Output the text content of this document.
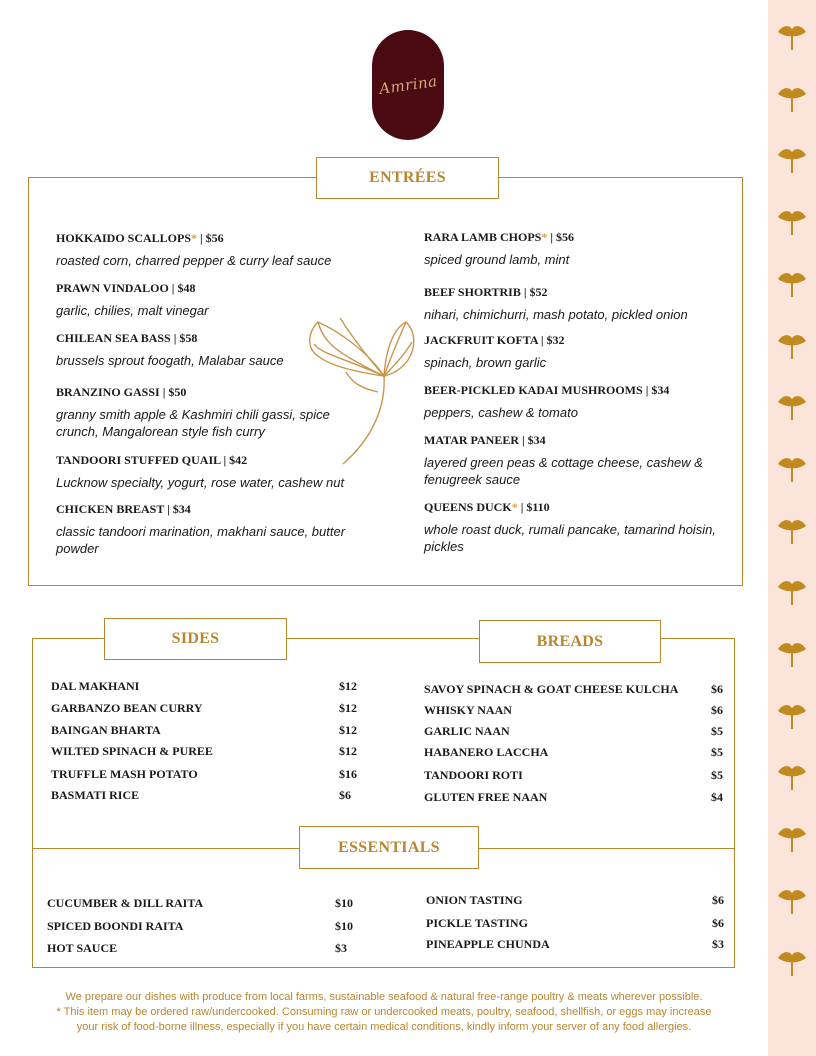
Amrina
ENTRÉES
HOKKAIDO SCALLOPS* | $56
roasted corn, charred pepper & curry leaf sauce
PRAWN VINDALOO | $48
garlic, chilies, malt vinegar
CHILEAN SEA BASS | $58
brussels sprout foogath, Malabar sauce
BRANZINO GASSI | $50
granny smith apple & Kashmiri chili gassi, spice crunch, Mangalorean style fish curry
TANDOORI STUFFED QUAIL | $42
Lucknow specialty, yogurt, rose water, cashew nut
CHICKEN BREAST | $34
classic tandoori marination, makhani sauce, butter powder
RARA LAMB CHOPS* | $56
spiced ground lamb, mint
BEEF SHORTRIB | $52
nihari, chimichurri, mash potato, pickled onion
JACKFRUIT KOFTA | $32
spinach, brown garlic
BEER-PICKLED KADAI MUSHROOMS | $34
peppers, cashew & tomato
MATAR PANEER | $34
layered green peas & cottage cheese, cashew & fenugreek sauce
QUEENS DUCK* | $110
whole roast duck, rumali pancake, tamarind hoisin, pickles
SIDES	BREADS
DAL MAKHANI	$12
GARBANZO BEAN CURRY	$12
BAINGAN BHARTA	$12
WILTED SPINACH & PUREE	$12
TRUFFLE MASH POTATO	$16
BASMATI RICE	$6
SAVOY SPINACH & GOAT CHEESE KULCHA	$6
WHISKY NAAN	$6
GARLIC NAAN	$5
HABANERO LACCHA	$5
TANDOORI ROTI	$5
GLUTEN FREE NAAN	$4
ESSENTIALS
CUCUMBER & DILL RAITA	$10
SPICED BOONDI RAITA	$10
HOT SAUCE	$3
ONION TASTING	$6
PICKLE TASTING	$6
PINEAPPLE CHUNDA	$3
We prepare our dishes with produce from local farms, sustainable seafood & natural free-range poultry & meats wherever possible.
* This item may be ordered raw/undercooked. Consuming raw or undercooked meats, poultry, seafood, shellfish, or eggs may increase
your risk of food-borne illness, especially if you have certain medical conditions, kindly inform your server of any food allergies.
